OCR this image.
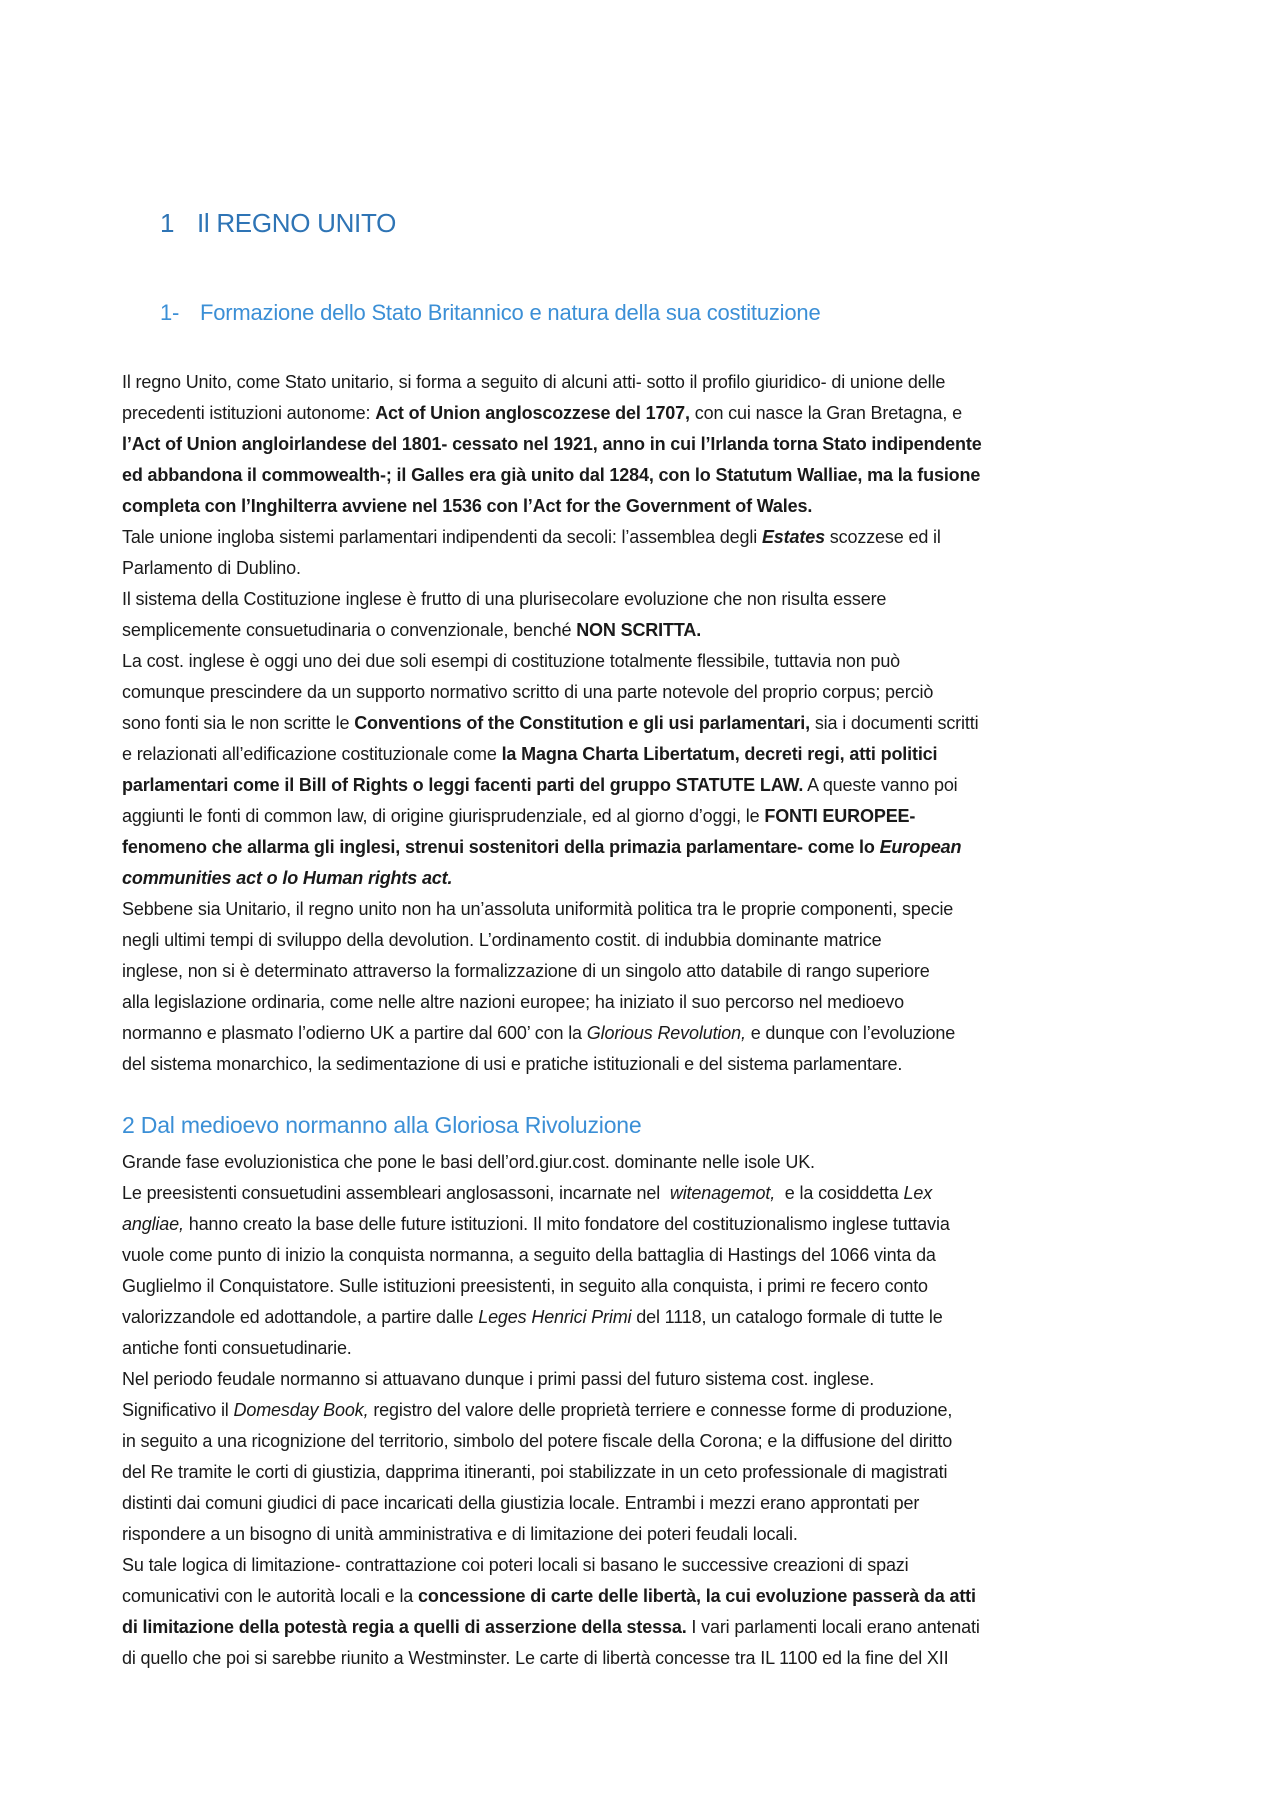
1 Il REGNO UNITO
1- Formazione dello Stato Britannico e natura della sua costituzione
Il regno Unito, come Stato unitario, si forma a seguito di alcuni atti- sotto il profilo giuridico- di unione delle
precedenti istituzioni autonome: Act of Union angloscozzese del 1707, con cui nasce la Gran Bretagna, e
l’Act of Union angloirlandese del 1801- cessato nel 1921, anno in cui l’Irlanda torna Stato indipendente
ed abbandona il commowealth-; il Galles era già unito dal 1284, con lo Statutum Walliae, ma la fusione
completa con l’Inghilterra avviene nel 1536 con l’Act for the Government of Wales.
Tale unione ingloba sistemi parlamentari indipendenti da secoli: l’assemblea degli Estates scozzese ed il
Parlamento di Dublino.
Il sistema della Costituzione inglese è frutto di una plurisecolare evoluzione che non risulta essere
semplicemente consuetudinaria o convenzionale, benché NON SCRITTA.
La cost. inglese è oggi uno dei due soli esempi di costituzione totalmente flessibile, tuttavia non può
comunque prescindere da un supporto normativo scritto di una parte notevole del proprio corpus; perciò
sono fonti sia le non scritte le Conventions of the Constitution e gli usi parlamentari, sia i documenti scritti
e relazionati all’edificazione costituzionale come la Magna Charta Libertatum, decreti regi, atti politici
parlamentari come il Bill of Rights o leggi facenti parti del gruppo STATUTE LAW. A queste vanno poi
aggiunti le fonti di common law, di origine giurisprudenziale, ed al giorno d’oggi, le FONTI EUROPEE-
fenomeno che allarma gli inglesi, strenui sostenitori della primazia parlamentare- come lo European
communities act o lo Human rights act.
Sebbene sia Unitario, il regno unito non ha un’assoluta uniformità politica tra le proprie componenti, specie
negli ultimi tempi di sviluppo della devolution. L’ordinamento costit. di indubbia dominante matrice
inglese, non si è determinato attraverso la formalizzazione di un singolo atto databile di rango superiore
alla legislazione ordinaria, come nelle altre nazioni europee; ha iniziato il suo percorso nel medioevo
normanno e plasmato l’odierno UK a partire dal 600’ con la Glorious Revolution, e dunque con l’evoluzione
del sistema monarchico, la sedimentazione di usi e pratiche istituzionali e del sistema parlamentare.
2 Dal medioevo normanno alla Gloriosa Rivoluzione
Grande fase evoluzionistica che pone le basi dell’ord.giur.cost. dominante nelle isole UK.
Le preesistenti consuetudini assembleari anglosassoni, incarnate nel  witenagemot,  e la cosiddetta Lex
angliae, hanno creato la base delle future istituzioni. Il mito fondatore del costituzionalismo inglese tuttavia
vuole come punto di inizio la conquista normanna, a seguito della battaglia di Hastings del 1066 vinta da
Guglielmo il Conquistatore. Sulle istituzioni preesistenti, in seguito alla conquista, i primi re fecero conto
valorizzandole ed adottandole, a partire dalle Leges Henrici Primi del 1118, un catalogo formale di tutte le
antiche fonti consuetudinarie.
Nel periodo feudale normanno si attuavano dunque i primi passi del futuro sistema cost. inglese.
Significativo il Domesday Book, registro del valore delle proprietà terriere e connesse forme di produzione,
in seguito a una ricognizione del territorio, simbolo del potere fiscale della Corona; e la diffusione del diritto
del Re tramite le corti di giustizia, dapprima itineranti, poi stabilizzate in un ceto professionale di magistrati
distinti dai comuni giudici di pace incaricati della giustizia locale. Entrambi i mezzi erano approntati per
rispondere a un bisogno di unità amministrativa e di limitazione dei poteri feudali locali.
Su tale logica di limitazione- contrattazione coi poteri locali si basano le successive creazioni di spazi
comunicativi con le autorità locali e la concessione di carte delle libertà, la cui evoluzione passerà da atti
di limitazione della potestà regia a quelli di asserzione della stessa. I vari parlamenti locali erano antenati
di quello che poi si sarebbe riunito a Westminster. Le carte di libertà concesse tra IL 1100 ed la fine del XII
